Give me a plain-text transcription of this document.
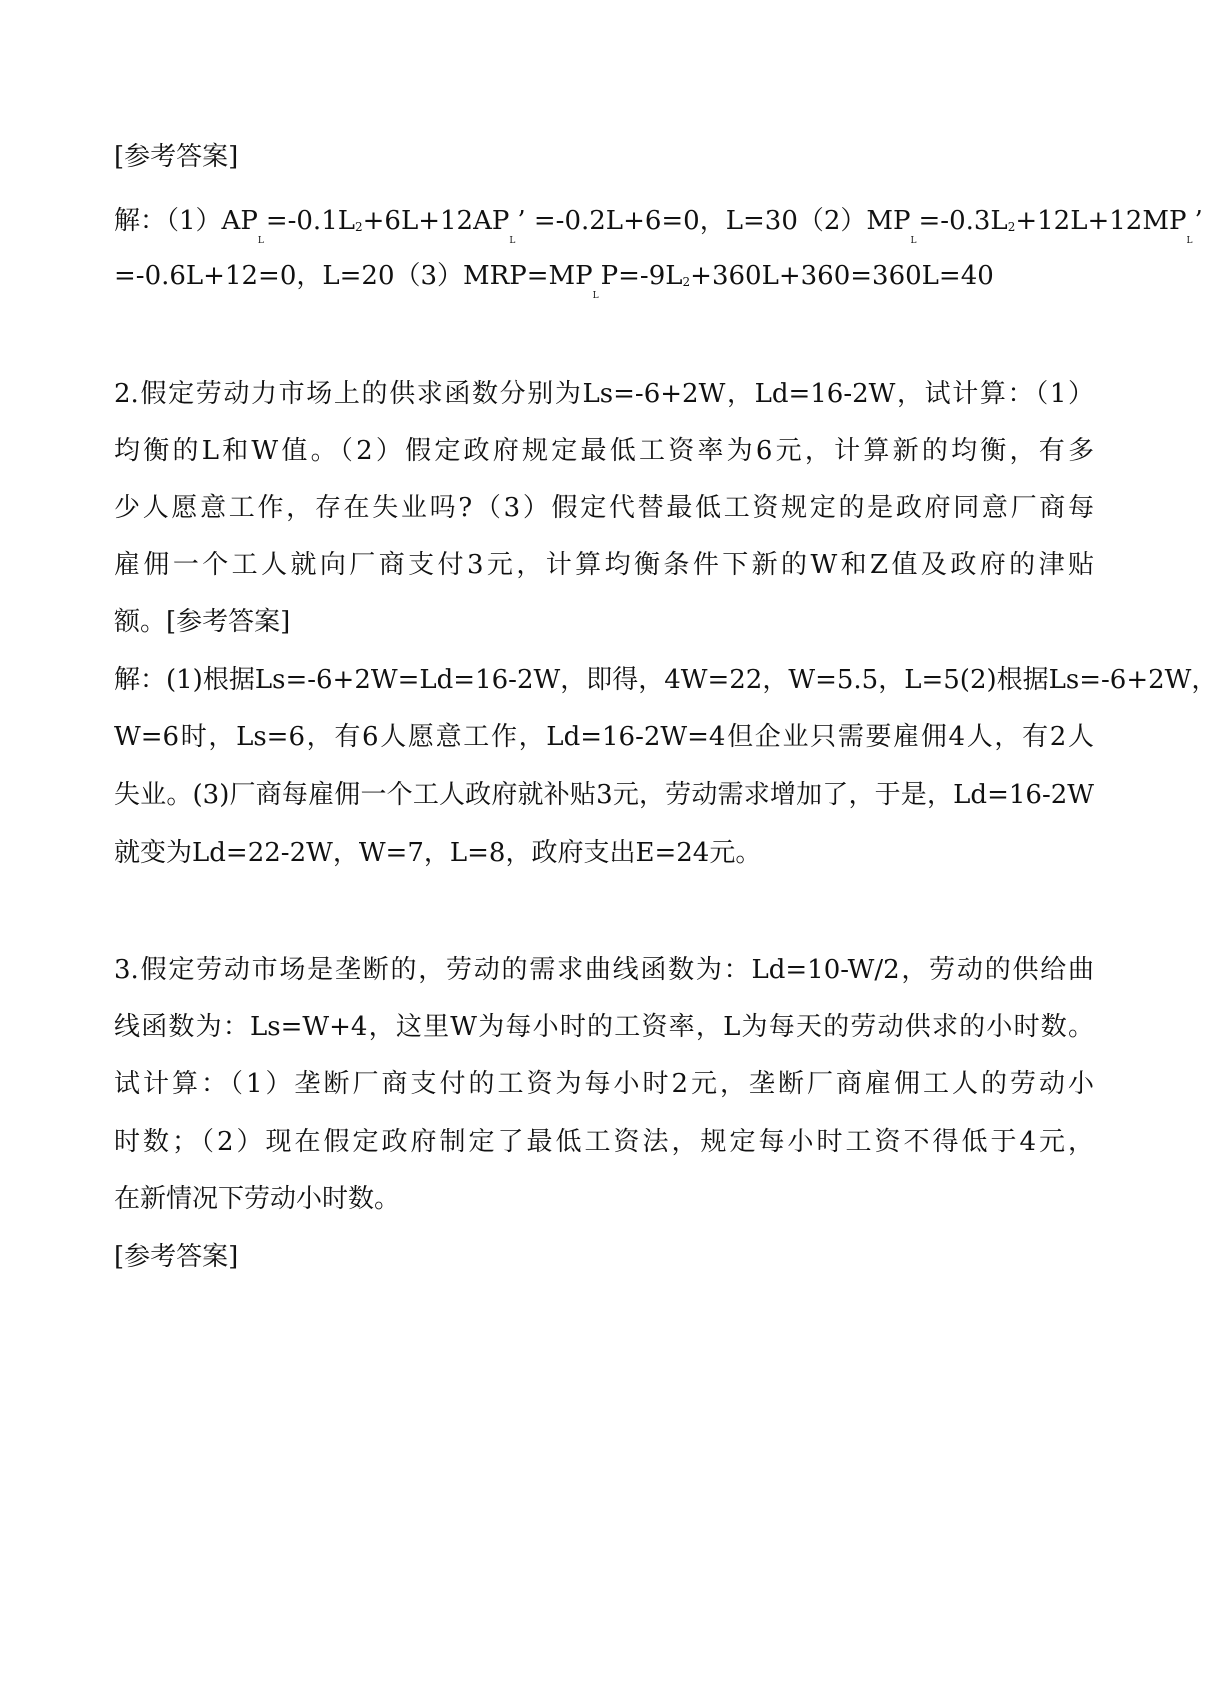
[参考答案]
解：$(1)AP_L=-0.1L^2+6L+12AP_L$’ =-0.2L+6=0，$L=30(2)MP_L=-0.3L^2+12L+12MP_L$’
=-0.6L+12=0，$L=20(3)MRP=MP_LP=-9L^2+360L+360=360L=40$
2.假定劳动力市场上的供求函数分别为Ls=-6+2W，Ld=16-2W，试计算：（1）
均衡的L和W值。（2）假定政府规定最低工资率为6元，计算新的均衡，有多
少人愿意工作，存在失业吗?（3）假定代替最低工资规定的是政府同意厂商每
雇佣一个工人就向厂商支付3元，计算均衡条件下新的W和Z值及政府的津贴
额。[参考答案]
解：(1)根据Ls=-6+2W=Ld=16-2W，即得，4W=22，W=5.5，L=5(2)根据Ls=-6+2W，
W=6时，Ls=6，有6人愿意工作，Ld=16-2W=4但企业只需要雇佣4人，有2人
失业。(3)厂商每雇佣一个工人政府就补贴3元，劳动需求增加了，于是，Ld=16-2W
就变为Ld=22-2W，W=7，L=8，政府支出E=24元。
3.假定劳动市场是垄断的，劳动的需求曲线函数为：Ld=10-W/2，劳动的供给曲
线函数为：Ls=W+4，这里W为每小时的工资率，L为每天的劳动供求的小时数。
试计算：（1）垄断厂商支付的工资为每小时2元，垄断厂商雇佣工人的劳动小
时数；（2）现在假定政府制定了最低工资法，规定每小时工资不得低于4元，
在新情况下劳动小时数。
[参考答案]
